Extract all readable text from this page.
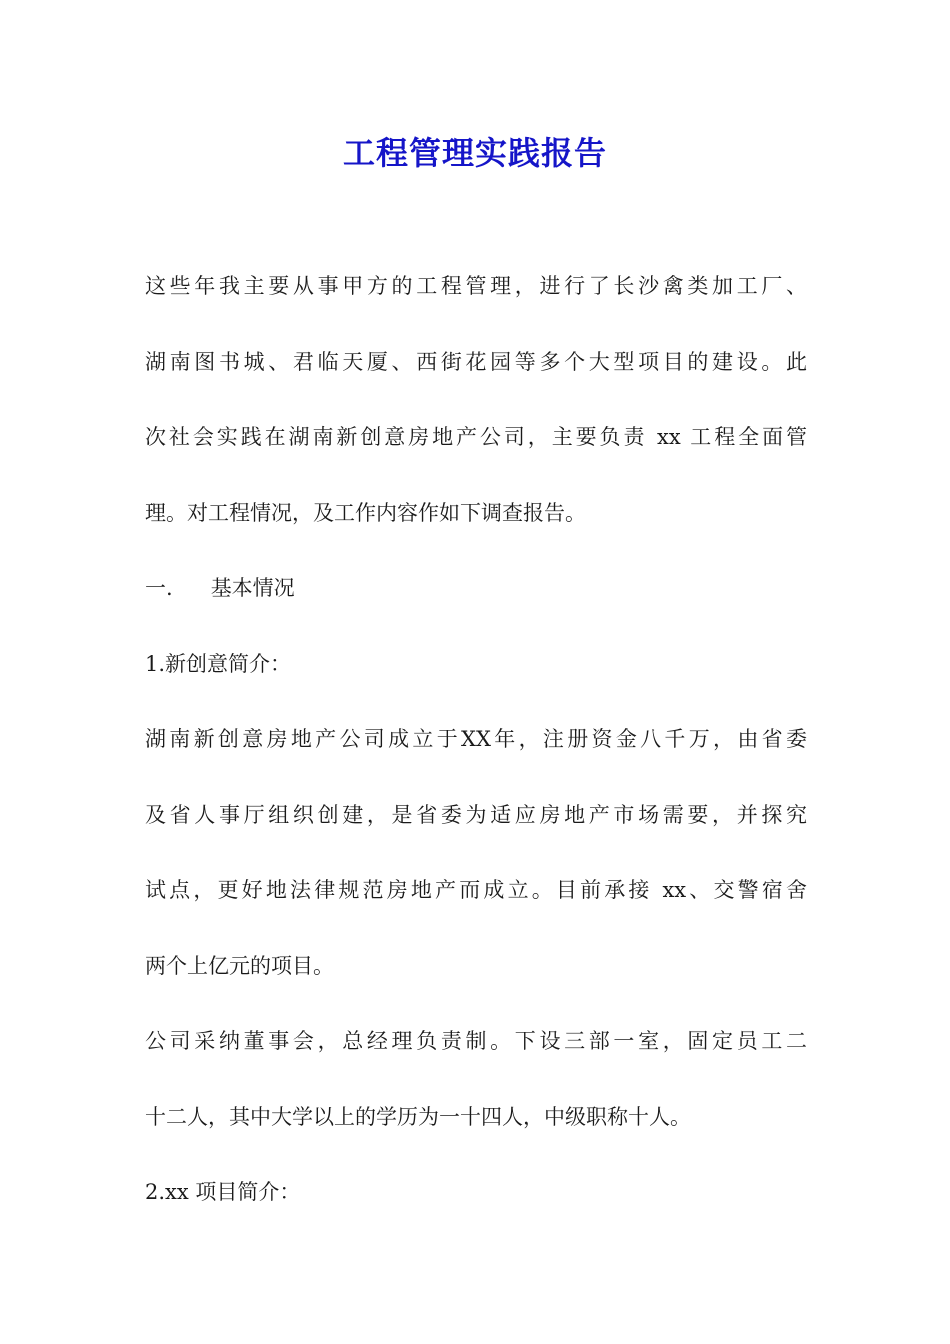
工程管理实践报告
这些年我主要从事甲方的工程管理，进行了长沙禽类加工厂、
湖南图书城、君临天厦、西街花园等多个大型项目的建设。此
次社会实践在湖南新创意房地产公司，主要负责 xx 工程全面管
理。对工程情况，及工作内容作如下调查报告。
一. 基本情况
1.新创意简介：
湖南新创意房地产公司成立于XX年，注册资金八千万，由省委
及省人事厅组织创建，是省委为适应房地产市场需要，并探究
试点，更好地法律规范房地产而成立。目前承接 xx、交警宿舍
两个上亿元的项目。
公司采纳董事会，总经理负责制。下设三部一室，固定员工二
十二人，其中大学以上的学历为一十四人，中级职称十人。
2.xx 项目简介：
